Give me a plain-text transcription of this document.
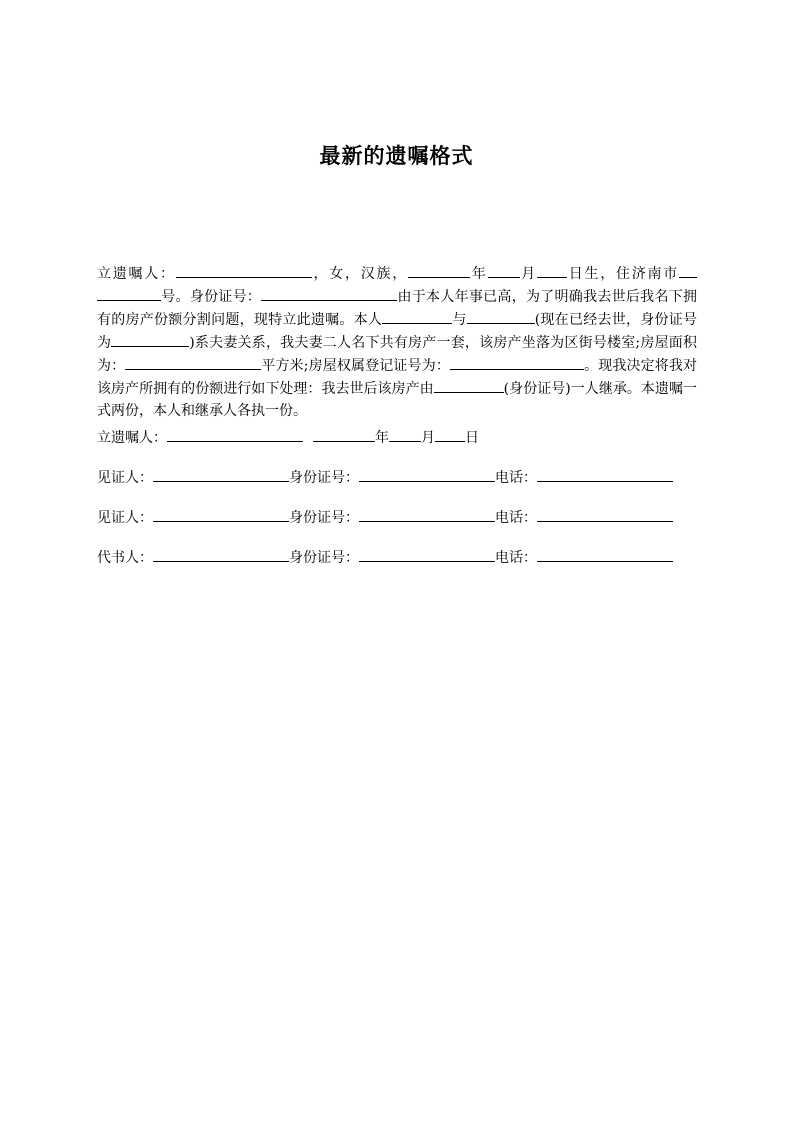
最新的遗嘱格式

立遗嘱人：	，女，汉族，	年 月 日生，住济南市号。身份证号：	由于本人年事已高，为了明确我去世后我名下拥有的房产份额分割问题，现特立此遗嘱。本人	与	(现在已经去世，身份证号为	)系夫妻关系，我夫妻二人名下共有房产一套，该房产坐落为区街号楼室;房屋面积为：	平方米;房屋权属登记证号为：	。现我决定将我对该房产所拥有的份额进行如下处理：我去世后该房产由	(身份证号)一人继承。本遗嘱一式两份，本人和继承人各执一份。

立遗嘱人：	年 月 日
见证人：	身份证号：	电话：
见证人：	身份证号：	电话：
代书人：	身份证号：	电话：
